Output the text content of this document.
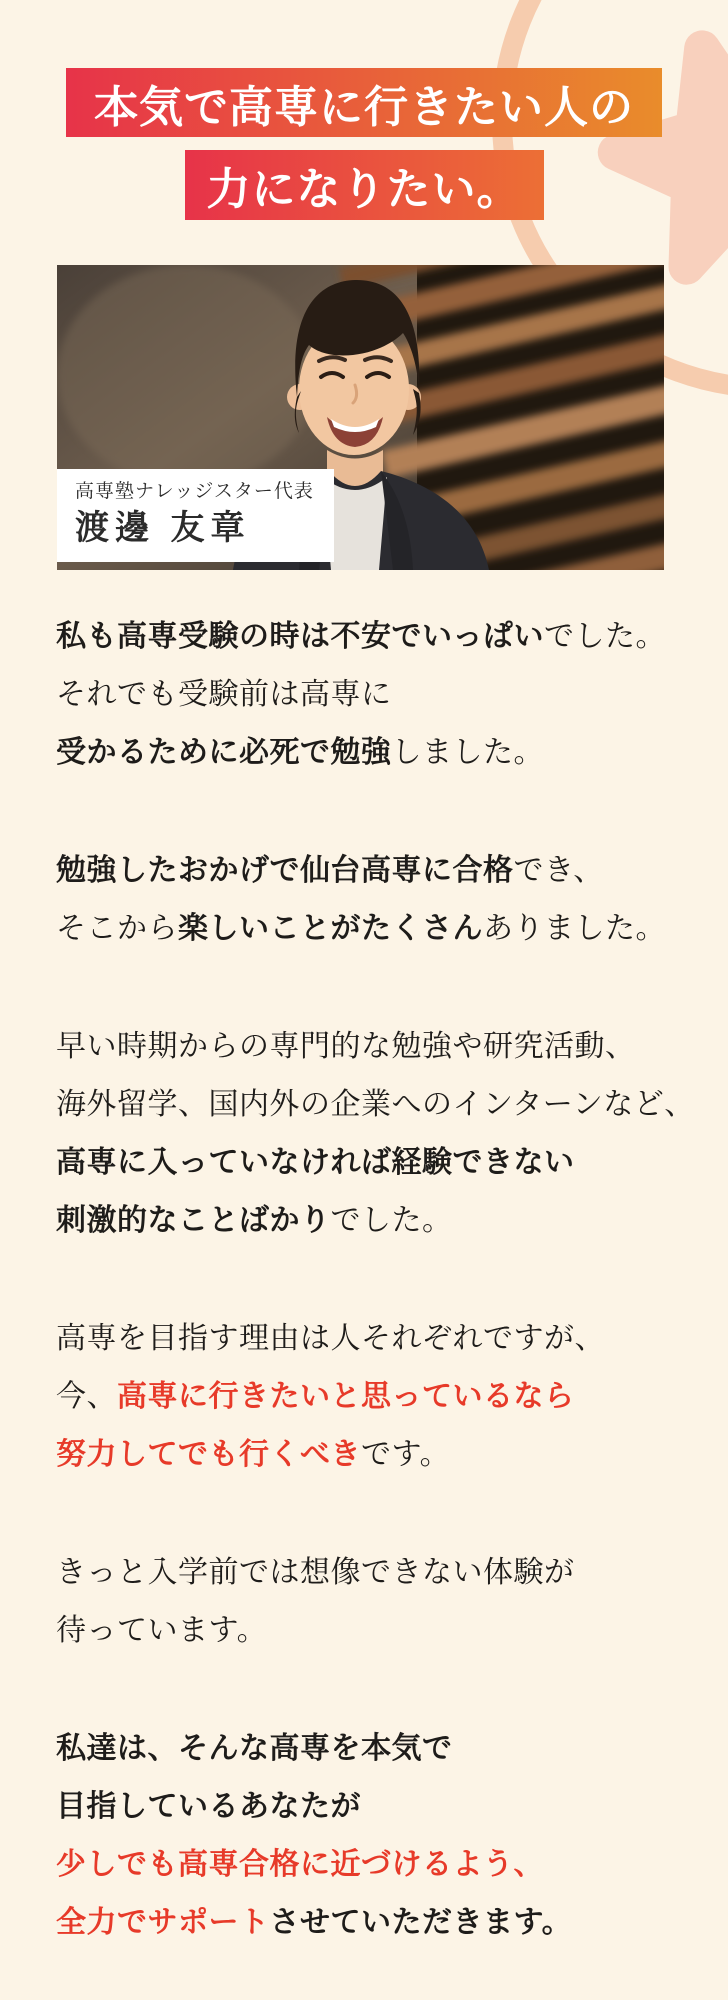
本気で高専に行きたい人の
力になりたい。
高専塾ナレッジスター代表
渡邊 友章

私も高専受験の時は不安でいっぱいでした。
それでも受験前は高専に
受かるために必死で勉強しました。

勉強したおかげで仙台高専に合格でき、
そこから楽しいことがたくさんありました。

早い時期からの専門的な勉強や研究活動、
海外留学、国内外の企業へのインターンなど、
高専に入っていなければ経験できない
刺激的なことばかりでした。

高専を目指す理由は人それぞれですが、
今、高専に行きたいと思っているなら
努力してでも行くべきです。

きっと入学前では想像できない体験が
待っています。

私達は、そんな高専を本気で
目指しているあなたが
少しでも高専合格に近づけるよう、
全力でサポートさせていただきます。
